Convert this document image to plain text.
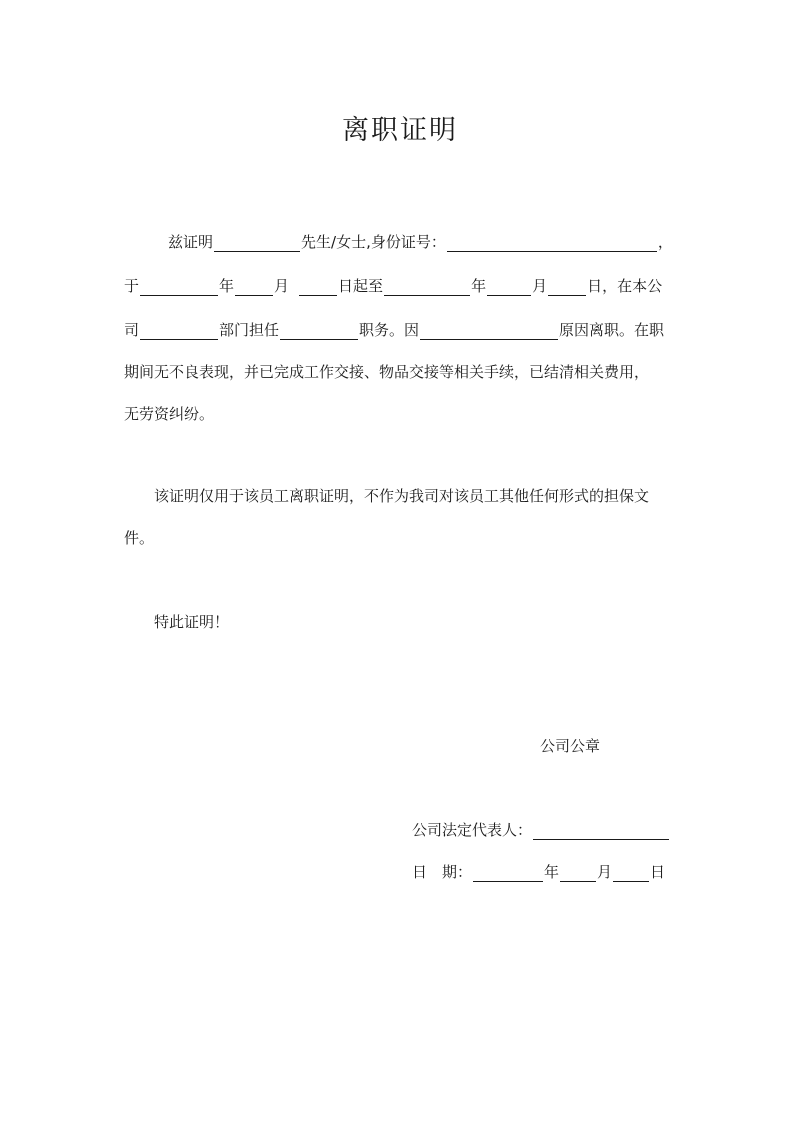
离职证明
兹证明	先生/女士,身份证号：	，
于	年	月	日起至	年	月	日，在本公
司	部门担任	职务。因	原因离职。在职
期间无不良表现，并已完成工作交接、物品交接等相关手续，已结清相关费用，
无劳资纠纷。
该证明仅用于该员工离职证明，不作为我司对该员工其他任何形式的担保文
件。
特此证明！
公司公章
公司法定代表人：
日　期：	年	月	日
